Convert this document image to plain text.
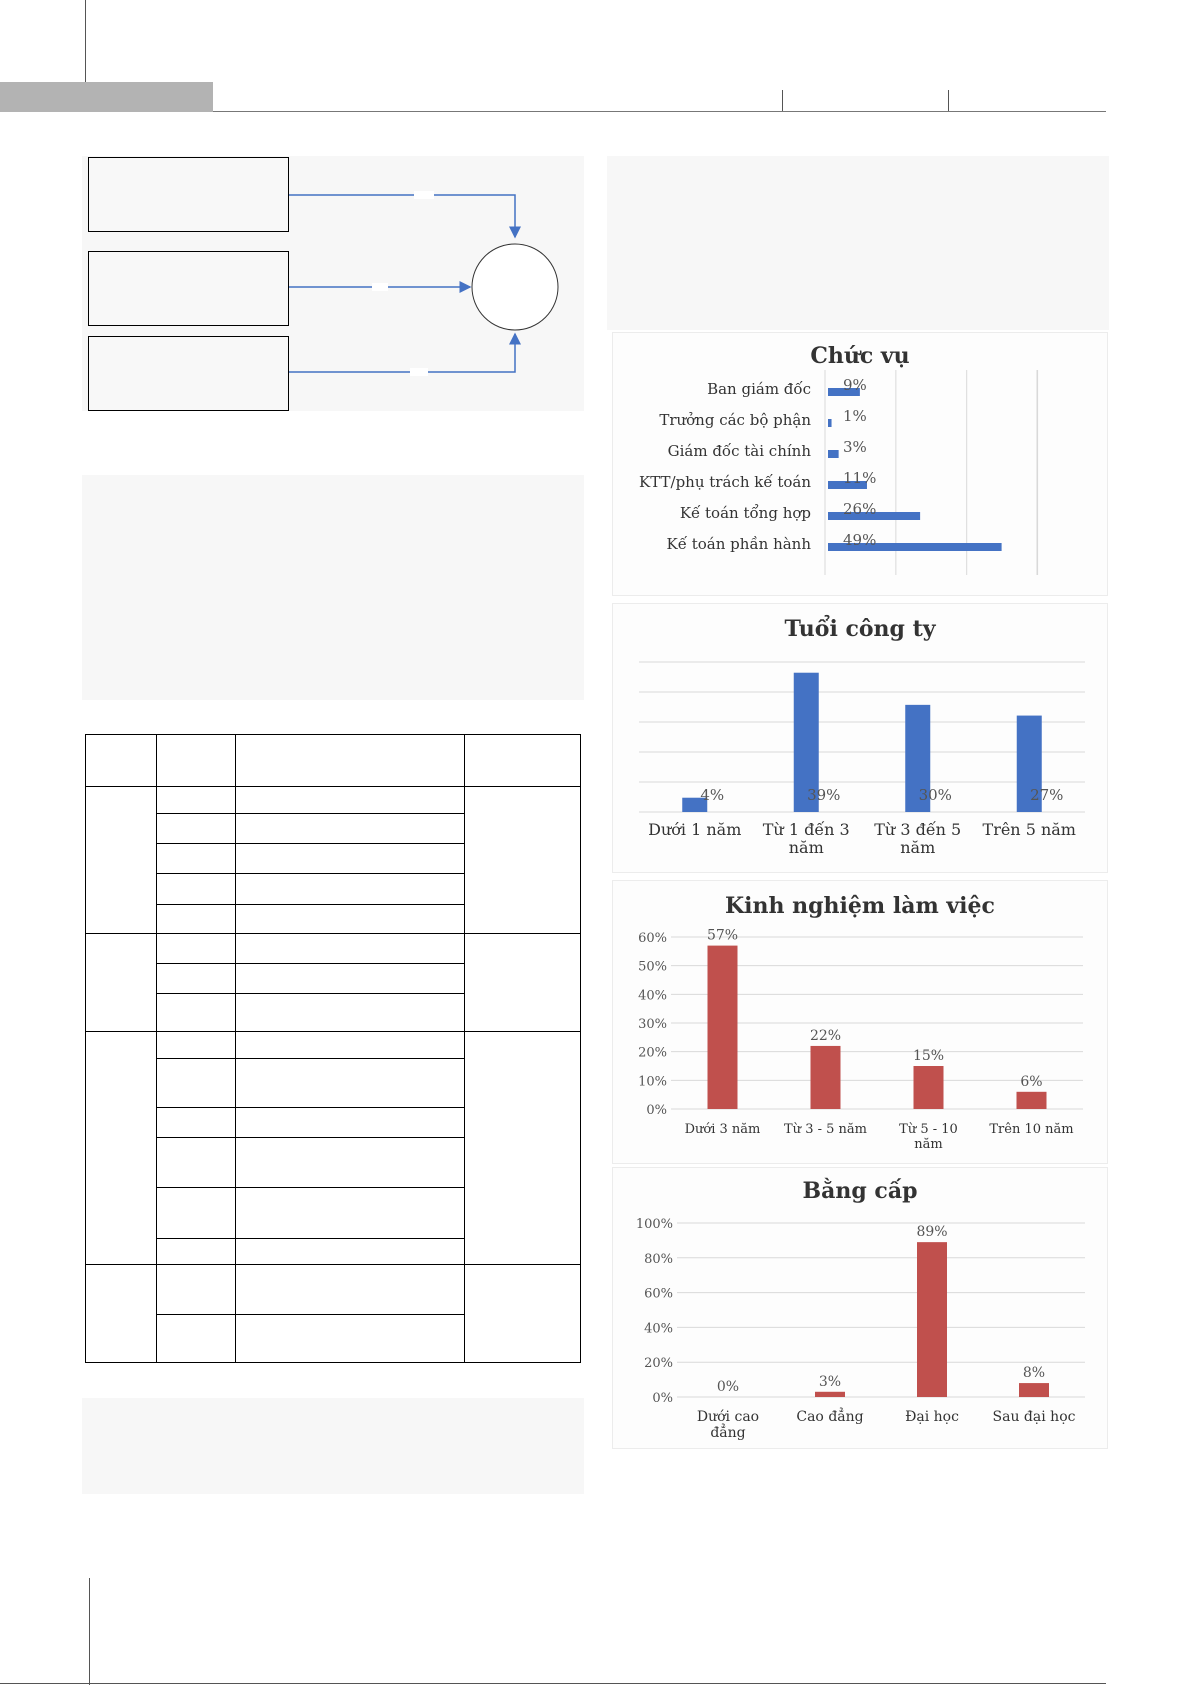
Chức vụ
Ban giám đốc 9%
Trưởng các bộ phận 1%
Giám đốc tài chính 3%
KTT/phụ trách kế toán 11%
Kế toán tổng hợp 26%
Kế toán phần hành 49%
Tuổi công ty
4%
Dưới 1 năm
39%
Từ 1 đến 3 năm
30%
Từ 3 đến 5 năm
27%
Trên 5 năm
Kinh nghiệm làm việc
0%
10%
20%
30%
40%
50%
60%	57%
Dưới 3 năm
22%
Từ 3 - 5 năm
15%
Từ 5 - 10 năm
6%
Trên 10 năm
Bằng cấp
0%
20%
40%
60%
80%
100%
0%
Dưới cao đẳng
3%
Cao đẳng
89%
Đại học
8%
Sau đại học
